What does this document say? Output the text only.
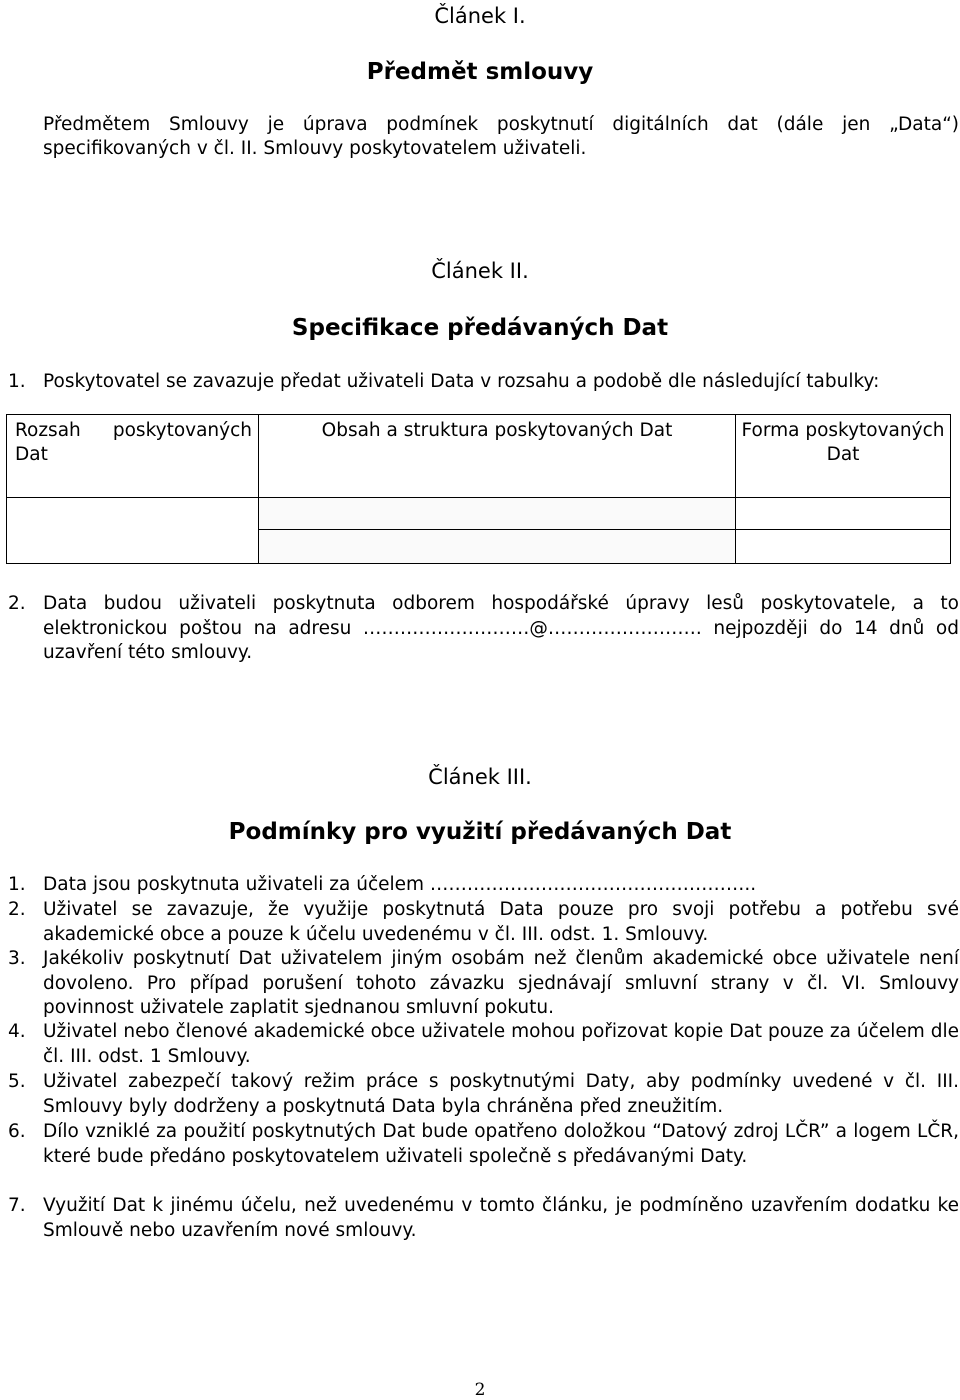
Článek I.
Předmět smlouvy
Předmětem Smlouvy je úprava podmínek poskytnutí digitálních dat (dále jen „Data“) specifikovaných v čl. II. Smlouvy poskytovatelem uživateli.
Článek II.
Specifikace předávaných Dat
1. Poskytovatel se zavazuje předat uživateli Data v rozsahu a podobě dle následující tabulky:
Rozsah poskytovaných Dat	Obsah a struktura poskytovaných Dat	Forma poskytovaných Dat

2. Data budou uživateli poskytnuta odborem hospodářské úpravy lesů poskytovatele, a to elektronickou poštou na adresu ………………………@……………………. nejpozději do 14 dnů od uzavření této smlouvy.
Článek III.
Podmínky pro využití předávaných Dat
1. Data jsou poskytnuta uživateli za účelem ……………………………………………..
2. Uživatel se zavazuje, že využije poskytnutá Data pouze pro svoji potřebu a potřebu své akademické obce a pouze k účelu uvedenému v čl. III. odst. 1. Smlouvy.
3. Jakékoliv poskytnutí Dat uživatelem jiným osobám než členům akademické obce uživatele není dovoleno. Pro případ porušení tohoto závazku sjednávají smluvní strany v čl. VI. Smlouvy povinnost uživatele zaplatit sjednanou smluvní pokutu.
4. Uživatel nebo členové akademické obce uživatele mohou pořizovat kopie Dat pouze za účelem dle čl. III. odst. 1 Smlouvy.
5. Uživatel zabezpečí takový režim práce s poskytnutými Daty, aby podmínky uvedené v čl. III. Smlouvy byly dodrženy a poskytnutá Data byla chráněna před zneužitím.
6. Dílo vzniklé za použití poskytnutých Dat bude opatřeno doložkou “Datový zdroj LČR” a logem LČR, které bude předáno poskytovatelem uživateli společně s předávanými Daty.
7. Využití Dat k jinému účelu, než uvedenému v tomto článku, je podmíněno uzavřením dodatku ke Smlouvě nebo uzavřením nové smlouvy.
2
